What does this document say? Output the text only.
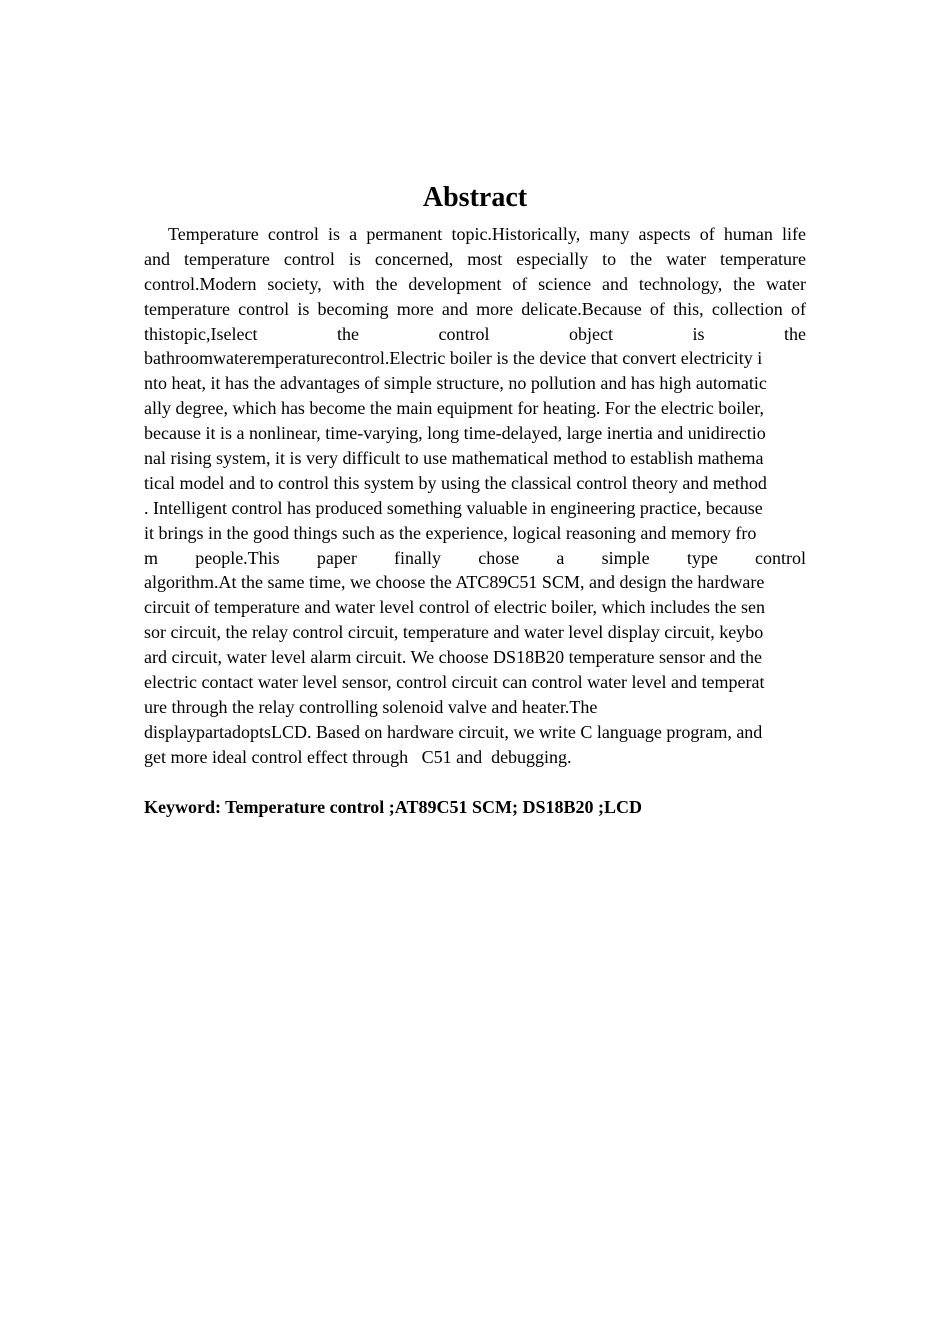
Abstract
Temperature control is a permanent topic.Historically, many aspects of human life
and temperature control is concerned, most especially to the water temperature
control.Modern society, with the development of science and technology, the water
temperature control is becoming more and more delicate.Because of this, collection of
thistopic,Iselect the control object is the
bathroomwateremperaturecontrol.Electric boiler is the device that convert electricity i
nto heat, it has the advantages of simple structure, no pollution and has high automatic
ally degree, which has become the main equipment for heating. For the electric boiler,
because it is a nonlinear, time-varying, long time-delayed, large inertia and unidirectio
nal rising system, it is very difficult to use mathematical method to establish mathema
tical model and to control this system by using the classical control theory and method
. Intelligent control has produced something valuable in engineering practice, because
it brings in the good things such as the experience, logical reasoning and memory fro
m people.This paper finally chose a simple type control
algorithm.At the same time, we choose the ATC89C51 SCM, and design the hardware
circuit of temperature and water level control of electric boiler, which includes the sen
sor circuit, the relay control circuit, temperature and water level display circuit, keybo
ard circuit, water level alarm circuit. We choose DS18B20 temperature sensor and the
electric contact water level sensor, control circuit can control water level and temperat
ure through the relay controlling solenoid valve and heater.The
displaypartadoptsLCD. Based on hardware circuit, we write C language program, and
get more ideal control effect through   C51 and  debugging.
Keyword: Temperature control ;AT89C51 SCM; DS18B20 ;LCD
